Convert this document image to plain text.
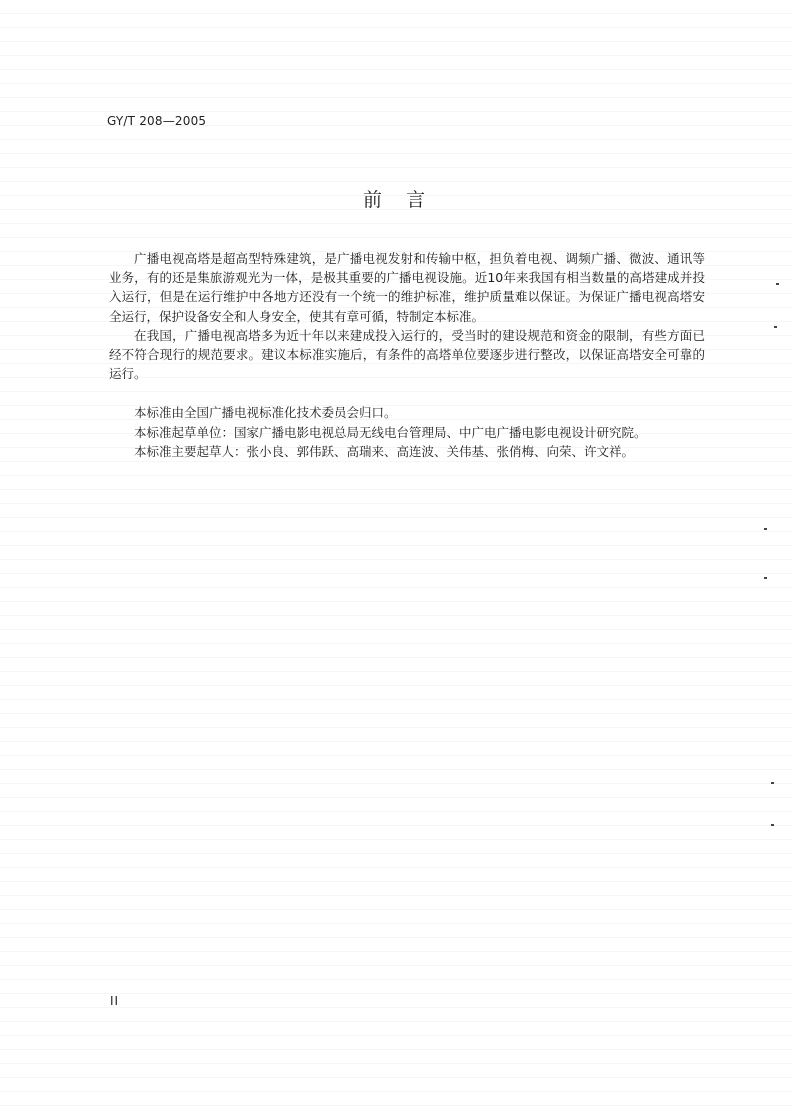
GY/T 208—2005
前    言

广播电视高塔是超高型特殊建筑，是广播电视发射和传输中枢，担负着电视、调频广播、微波、通讯等业务，有的还是集旅游观光为一体，是极其重要的广播电视设施。近10年来我国有相当数量的高塔建成并投入运行，但是在运行维护中各地方还没有一个统一的维护标准，维护质量难以保证。为保证广播电视高塔安全运行，保护设备安全和人身安全，使其有章可循，特制定本标准。

在我国，广播电视高塔多为近十年以来建成投入运行的，受当时的建设规范和资金的限制，有些方面已经不符合现行的规范要求。建议本标准实施后，有条件的高塔单位要逐步进行整改，以保证高塔安全可靠的运行。

本标准由全国广播电视标准化技术委员会归口。

本标准起草单位：国家广播电影电视总局无线电台管理局、中广电广播电影电视设计研究院。

本标准主要起草人：张小良、郭伟跃、高瑞来、高连波、关伟基、张俏梅、向荣、许文祥。

II
